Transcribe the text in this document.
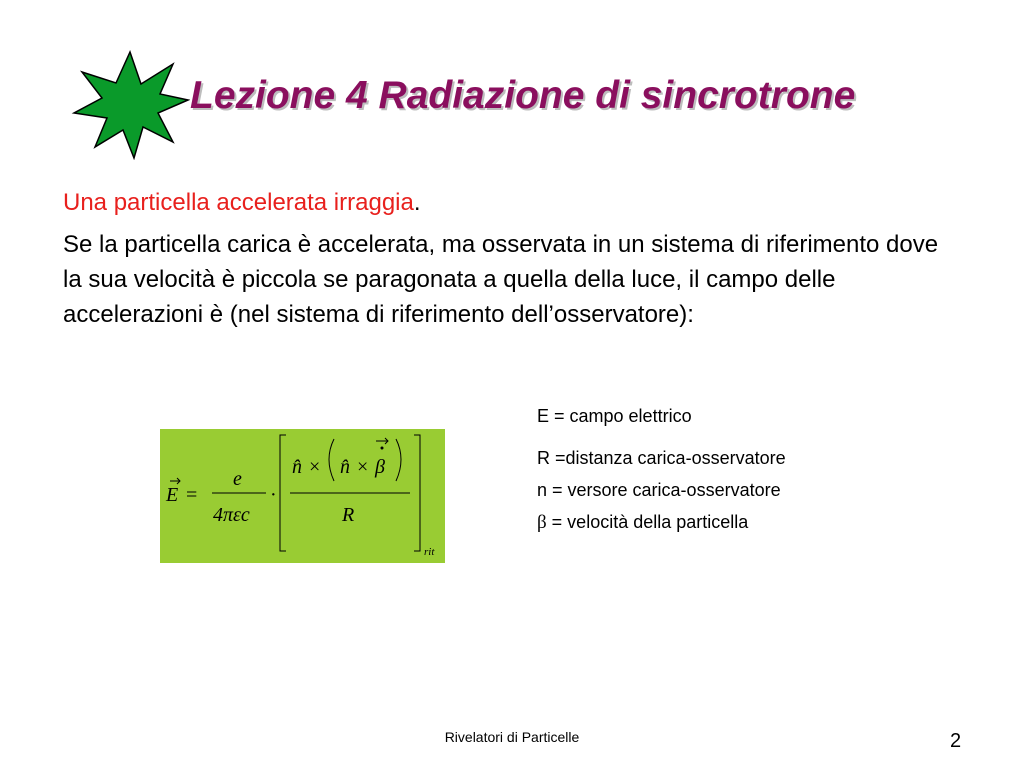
Lezione 4 Radiazione di sincrotrone
Una particella accelerata irraggia.
Se la particella carica è accelerata, ma osservata in un sistema di riferimento dove la sua velocità è piccola se paragonata a quella della luce, il campo delle accelerazioni è (nel sistema di riferimento dell’osservatore):
E =
e
4πεc
·
n̂ × n̂ × β
R
rit
E = campo elettrico
R =distanza carica-osservatore
n = versore carica-osservatore
β = velocità della particella
Rivelatori di Particelle	2
